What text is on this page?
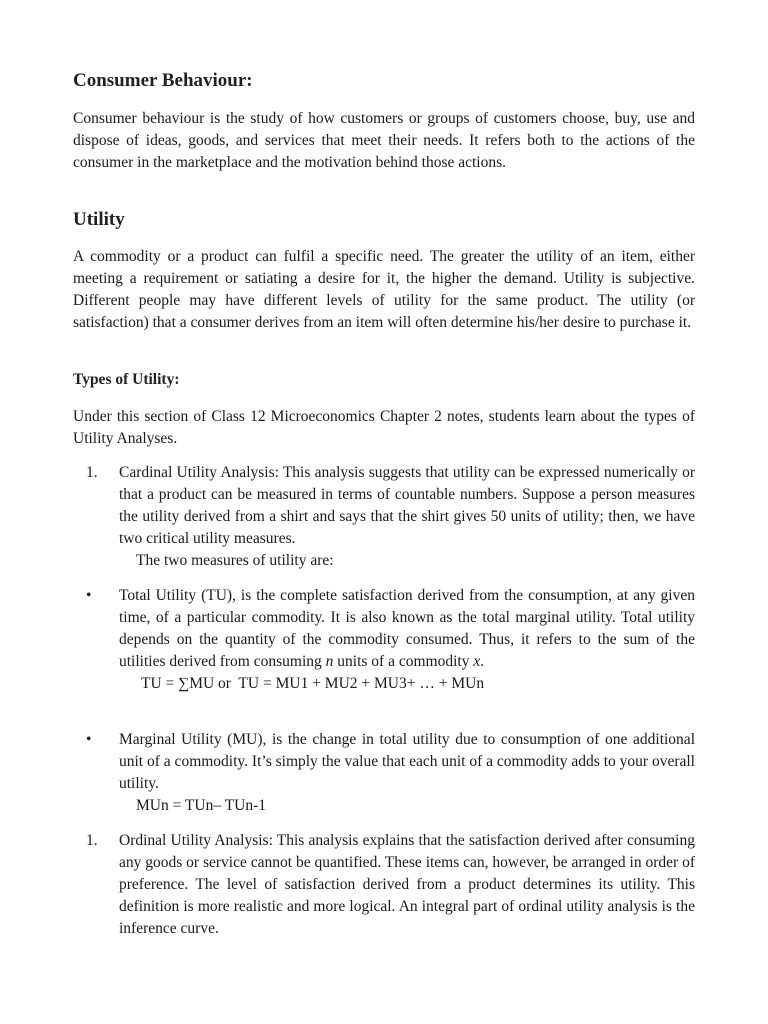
Consumer Behaviour:

Consumer behaviour is the study of how customers or groups of customers choose, buy, use and dispose of ideas, goods, and services that meet their needs. It refers both to the actions of the consumer in the marketplace and the motivation behind those actions.

Utility

A commodity or a product can fulfil a specific need. The greater the utility of an item, either meeting a requirement or satiating a desire for it, the higher the demand. Utility is subjective. Different people may have different levels of utility for the same product. The utility (or satisfaction) that a consumer derives from an item will often determine his/her desire to purchase it.

Types of Utility:

Under this section of Class 12 Microeconomics Chapter 2 notes, students learn about the types of Utility Analyses.

1. Cardinal Utility Analysis: This analysis suggests that utility can be expressed numerically or that a product can be measured in terms of countable numbers. Suppose a person measures the utility derived from a shirt and says that the shirt gives 50 units of utility; then, we have two critical utility measures.
The two measures of utility are:
• Total Utility (TU), is the complete satisfaction derived from the consumption, at any given time, of a particular commodity. It is also known as the total marginal utility. Total utility depends on the quantity of the commodity consumed. Thus, it refers to the sum of the utilities derived from consuming n units of a commodity x.
TU = ∑MU or  TU = MU1 + MU2 + MU3+ … + MUn
• Marginal Utility (MU), is the change in total utility due to consumption of one additional unit of a commodity. It’s simply the value that each unit of a commodity adds to your overall utility.
MUn = TUn– TUn-1
1. Ordinal Utility Analysis: This analysis explains that the satisfaction derived after consuming any goods or service cannot be quantified. These items can, however, be arranged in order of preference. The level of satisfaction derived from a product determines its utility. This definition is more realistic and more logical. An integral part of ordinal utility analysis is the inference curve.
